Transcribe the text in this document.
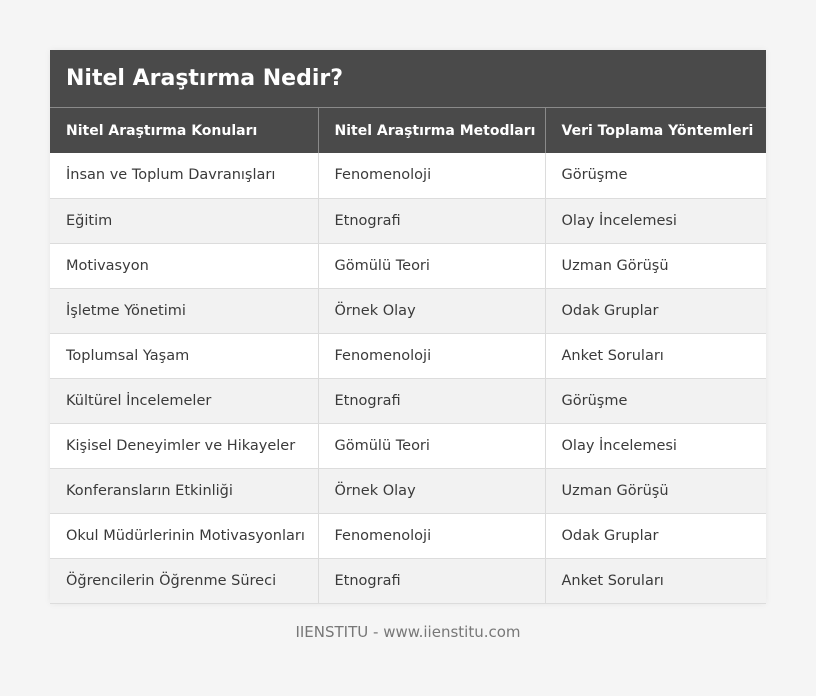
Nitel Araştırma Nedir?
Nitel Araştırma Konuları	Nitel Araştırma Metodları	Veri Toplama Yöntemleri
İnsan ve Toplum Davranışları	Fenomenoloji	Görüşme
Eğitim	Etnografi	Olay İncelemesi
Motivasyon	Gömülü Teori	Uzman Görüşü
İşletme Yönetimi	Örnek Olay	Odak Gruplar
Toplumsal Yaşam	Fenomenoloji	Anket Soruları
Kültürel İncelemeler	Etnografi	Görüşme
Kişisel Deneyimler ve Hikayeler	Gömülü Teori	Olay İncelemesi
Konferansların Etkinliği	Örnek Olay	Uzman Görüşü
Okul Müdürlerinin Motivasyonları	Fenomenoloji	Odak Gruplar
Öğrencilerin Öğrenme Süreci	Etnografi	Anket Soruları
IIENSTITU - www.iienstitu.com
